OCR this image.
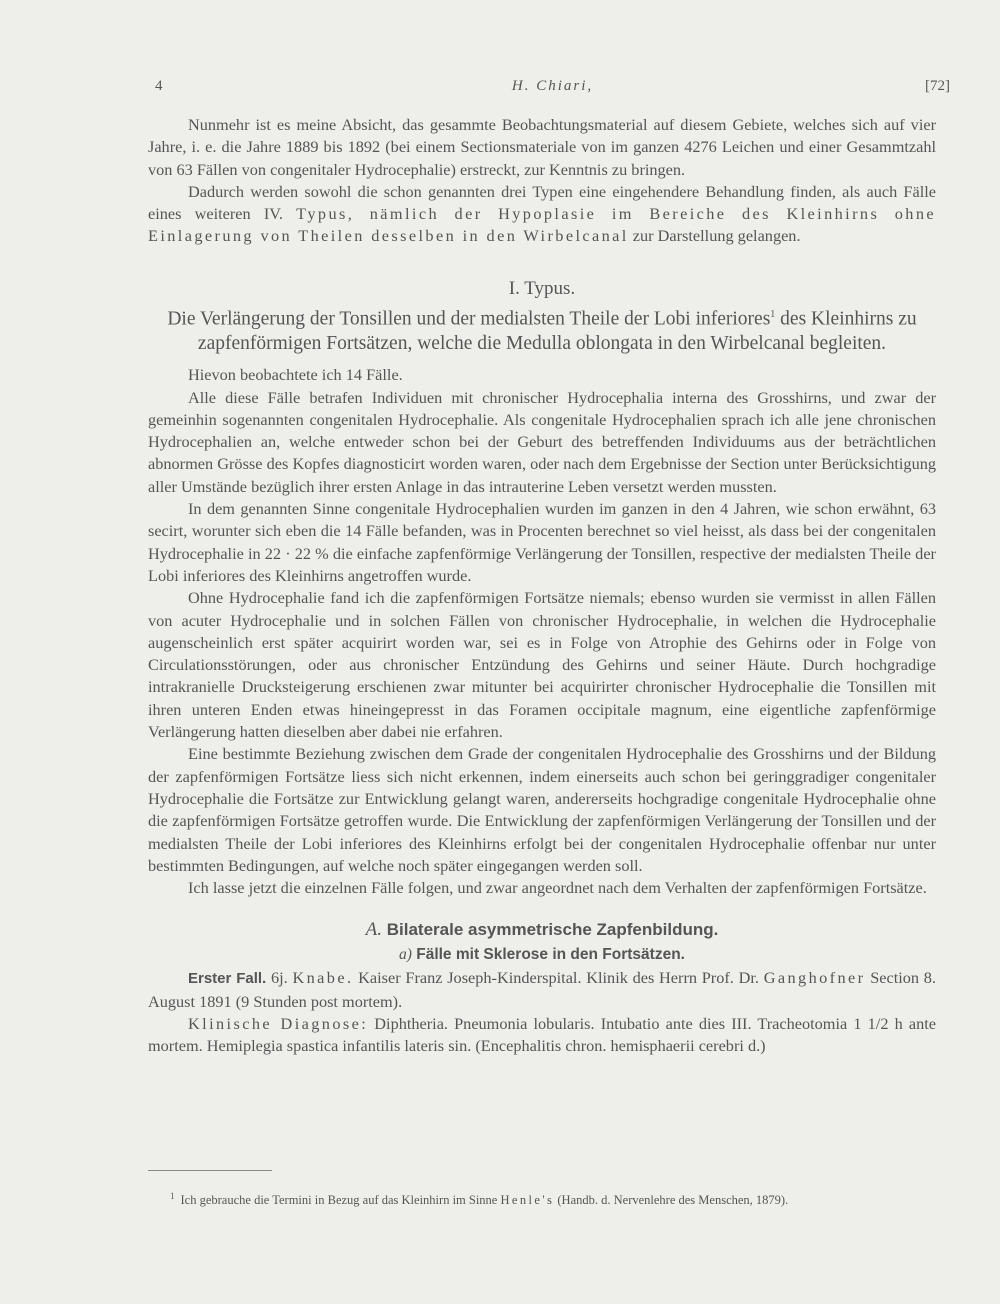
4	H. Chiari,	[72]

Nunmehr ist es meine Absicht, das gesammte Beobachtungsmaterial auf diesem Gebiete, welches sich auf vier Jahre, i. e. die Jahre 1889 bis 1892 (bei einem Sectionsmateriale von im ganzen 4276 Leichen und einer Gesammtzahl von 63 Fällen von congenitaler Hydrocephalie) erstreckt, zur Kenntnis zu bringen.

Dadurch werden sowohl die schon genannten drei Typen eine eingehendere Behandlung finden, als auch Fälle eines weiteren IV. Typus, nämlich der Hypoplasie im Bereiche des Kleinhirns ohne Einlagerung von Theilen desselben in den Wirbelcanal zur Darstellung gelangen.

I. Typus.
Die Verlängerung der Tonsillen und der medialsten Theile der Lobi inferiores$^1$ des Kleinhirns zu zapfenförmigen Fortsätzen, welche die Medulla oblongata in den Wirbelcanal begleiten.

Hievon beobachtete ich 14 Fälle.

Alle diese Fälle betrafen Individuen mit chronischer Hydrocephalia interna des Grosshirns, und zwar der gemeinhin sogenannten congenitalen Hydrocephalie. Als congenitale Hydrocephalien sprach ich alle jene chronischen Hydrocephalien an, welche entweder schon bei der Geburt des betreffenden Individuums aus der beträchtlichen abnormen Grösse des Kopfes diagnosticirt worden waren, oder nach dem Ergebnisse der Section unter Berücksichtigung aller Umstände bezüglich ihrer ersten Anlage in das intrauterine Leben versetzt werden mussten.

In dem genannten Sinne congenitale Hydrocephalien wurden im ganzen in den 4 Jahren, wie schon erwähnt, 63 secirt, worunter sich eben die 14 Fälle befanden, was in Procenten berechnet so viel heisst, als dass bei der congenitalen Hydrocephalie in 22 · 22 % die einfache zapfenförmige Verlängerung der Tonsillen, respective der medialsten Theile der Lobi inferiores des Kleinhirns angetroffen wurde.

Ohne Hydrocephalie fand ich die zapfenförmigen Fortsätze niemals; ebenso wurden sie vermisst in allen Fällen von acuter Hydrocephalie und in solchen Fällen von chronischer Hydrocephalie, in welchen die Hydrocephalie augenscheinlich erst später acquirirt worden war, sei es in Folge von Atrophie des Gehirns oder in Folge von Circulationsstörungen, oder aus chronischer Entzündung des Gehirns und seiner Häute. Durch hochgradige intrakranielle Drucksteigerung erschienen zwar mitunter bei acquirirter chronischer Hydrocephalie die Tonsillen mit ihren unteren Enden etwas hineingepresst in das Foramen occipitale magnum, eine eigentliche zapfenförmige Verlängerung hatten dieselben aber dabei nie erfahren.

Eine bestimmte Beziehung zwischen dem Grade der congenitalen Hydrocephalie des Grosshirns und der Bildung der zapfenförmigen Fortsätze liess sich nicht erkennen, indem einerseits auch schon bei geringgradiger congenitaler Hydrocephalie die Fortsätze zur Entwicklung gelangt waren, andererseits hochgradige congenitale Hydrocephalie ohne die zapfenförmigen Fortsätze getroffen wurde. Die Entwicklung der zapfenförmigen Verlängerung der Tonsillen und der medialsten Theile der Lobi inferiores des Kleinhirns erfolgt bei der congenitalen Hydrocephalie offenbar nur unter bestimmten Bedingungen, auf welche noch später eingegangen werden soll.

Ich lasse jetzt die einzelnen Fälle folgen, und zwar angeordnet nach dem Verhalten der zapfenförmigen Fortsätze.

A. Bilaterale asymmetrische Zapfenbildung.
a) Fälle mit Sklerose in den Fortsätzen.

Erster Fall. 6j. Knabe. Kaiser Franz Joseph-Kinderspital. Klinik des Herrn Prof. Dr. Ganghofner Section 8. August 1891 (9 Stunden post mortem).

Klinische Diagnose: Diphtheria. Pneumonia lobularis. Intubatio ante dies III. Tracheotomia 1 1/2 h ante mortem. Hemiplegia spastica infantilis lateris sin. (Encephalitis chron. hemisphaerii cerebri d.)

$^1$ Ich gebrauche die Termini in Bezug auf das Kleinhirn im Sinne Henle's (Handb. d. Nervenlehre des Menschen, 1879).
